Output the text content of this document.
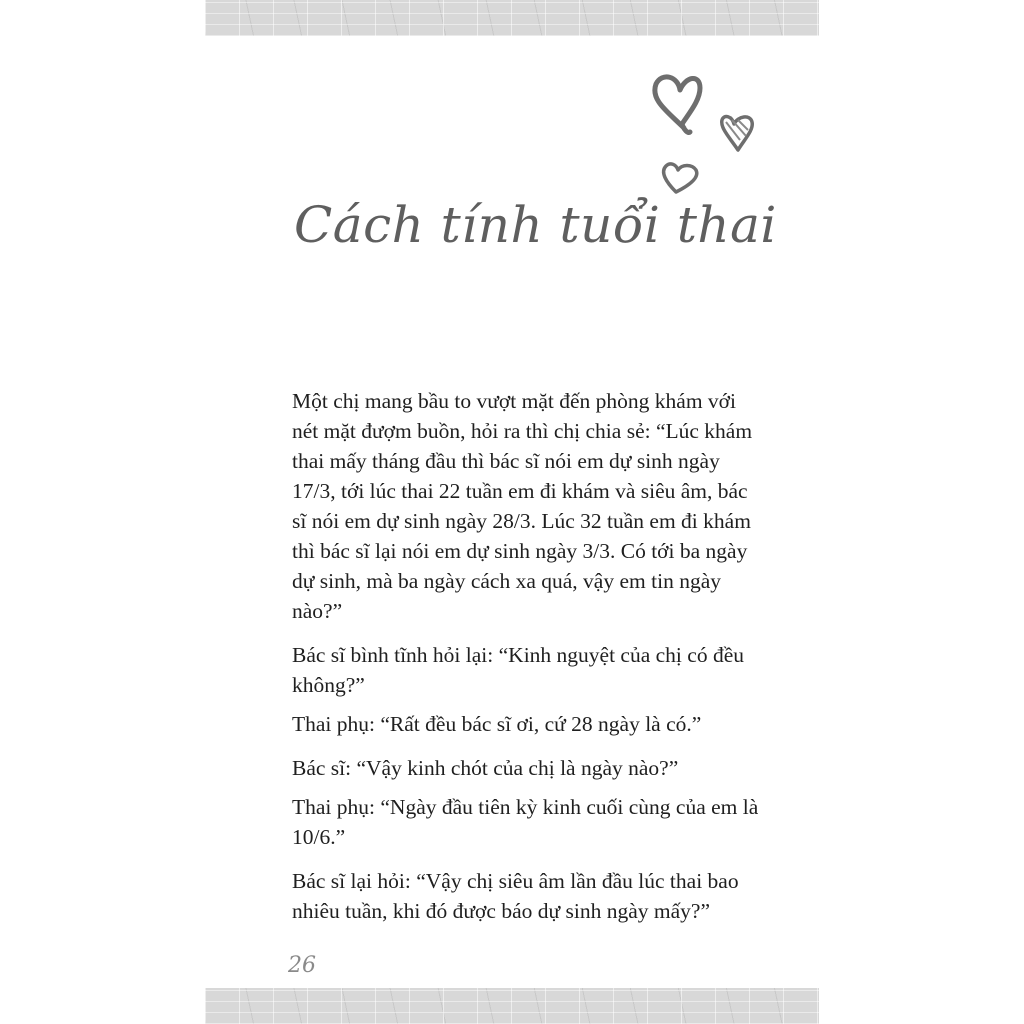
Cách tính tuổi thai

Một chị mang bầu to vượt mặt đến phòng khám với nét mặt đượm buồn, hỏi ra thì chị chia sẻ: “Lúc khám thai mấy tháng đầu thì bác sĩ nói em dự sinh ngày 17/3, tới lúc thai 22 tuần em đi khám và siêu âm, bác sĩ nói em dự sinh ngày 28/3. Lúc 32 tuần em đi khám thì bác sĩ lại nói em dự sinh ngày 3/3. Có tới ba ngày dự sinh, mà ba ngày cách xa quá, vậy em tin ngày nào?”

Bác sĩ bình tĩnh hỏi lại: “Kinh nguyệt của chị có đều không?”

Thai phụ: “Rất đều bác sĩ ơi, cứ 28 ngày là có.”

Bác sĩ: “Vậy kinh chót của chị là ngày nào?”

Thai phụ: “Ngày đầu tiên kỳ kinh cuối cùng của em là 10/6.”

Bác sĩ lại hỏi: “Vậy chị siêu âm lần đầu lúc thai bao nhiêu tuần, khi đó được báo dự sinh ngày mấy?”

26
